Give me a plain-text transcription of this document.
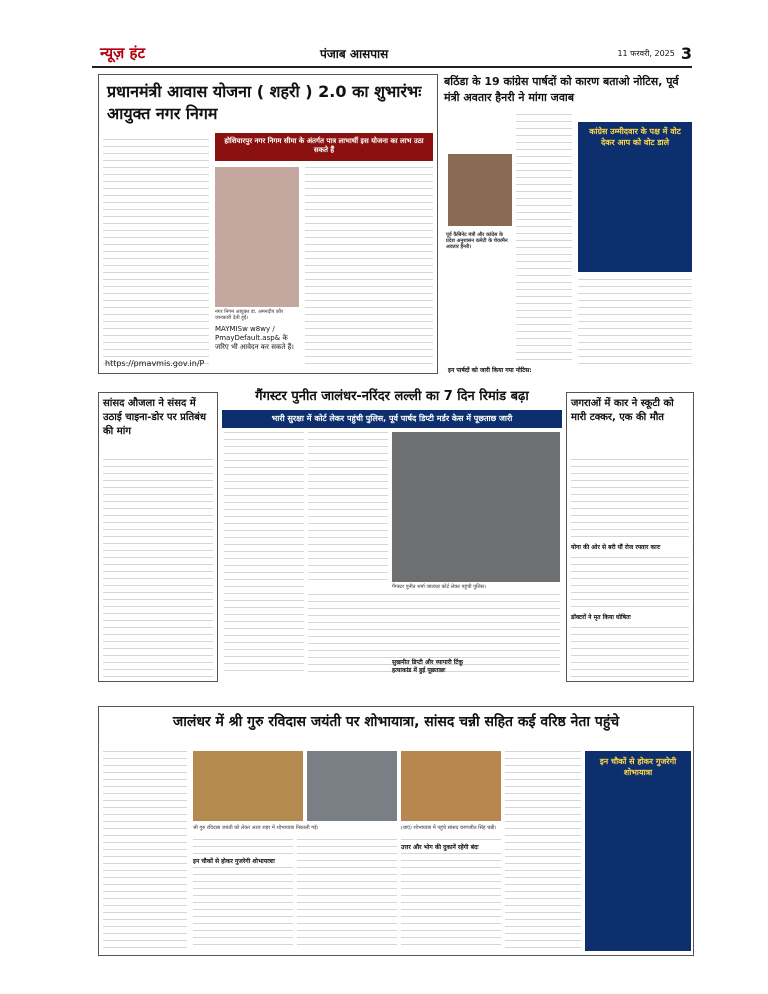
न्यूज़ हंट	पंजाब आसपास	11 फरवरी, 2025 3
प्रधानमंत्री आवास योजना ( शहरी ) 2.0 का शुभारंभः आयुक्त नगर निगम
होशियारपुर नगर निगम सीमा के अंतर्गत पात्र लाभार्थी इस योजना का लाभ उठा सकते हैं
नगर निगम आयुक्त डा. अमनदीप कौर जानकारी देती हुईं।
MAYMISw w8wy / PmayDefault.asp& के जरिए भी आवेदन कर सकते हैं।
https://pmavmis.gov.in/P
बठिंडा के 19 कांग्रेस पार्षदों को कारण बताओ नोटिस, पूर्व मंत्री अवतार हैनरी ने मांगा जवाब
पूर्व कैबिनेट मंत्री और कांग्रेस के प्रदेश अनुशासन कमेटी के चेयरमैन अवतार हैनरी।
कांग्रेस उम्मीदवार के पक्ष में वोट देकर आप को वोट डाले
इन पार्षदों को जारी किया गया नोटिस:
सांसद औजला ने संसद में उठाई चाइना-डोर पर प्रतिबंध की मांग
गैंगस्टर पुनीत जालंधर-नरिंदर लल्ली का 7 दिन रिमांड बढ़ा
भारी सुरक्षा में कोर्ट लेकर पहुंची पुलिस, पूर्व पार्षद डिप्टी मर्डर केस में पूछताछ जारी
गैंगस्टर पुनीत शर्मा जालंधर कोर्ट लेकर पहुंची पुलिस।
सुखमीत डिप्टी और व्यापारी टिंकू हत्याकांड में हुई पूछताछः
जगराओं में कार ने स्कूटी को मारी टक्कर, एक की मौत
योगा की ओर से बरी यौं रोज रफ्तार कारः
डॉक्टरों ने मृत किया घोषितः
जालंधर में श्री गुरु रविदास जयंती पर शोभायात्रा, सांसद चन्नी सहित कई वरिष्ठ नेता पहुंचे
श्री गुरु रविदास जयंती को लेकर आज शहर में शोभायात्रा निकाली गई।	(बाएं) शोभायात्रा में पहुंचे सांसद चरणजीत सिंह चन्नी।
इन चौकों से होकर गुजरेगी शोभायात्राः
उत्तर और भोग की दुकानें रहेंगी बंदः
इन चौकों से होकर गुजरेगी शोभायात्रा
